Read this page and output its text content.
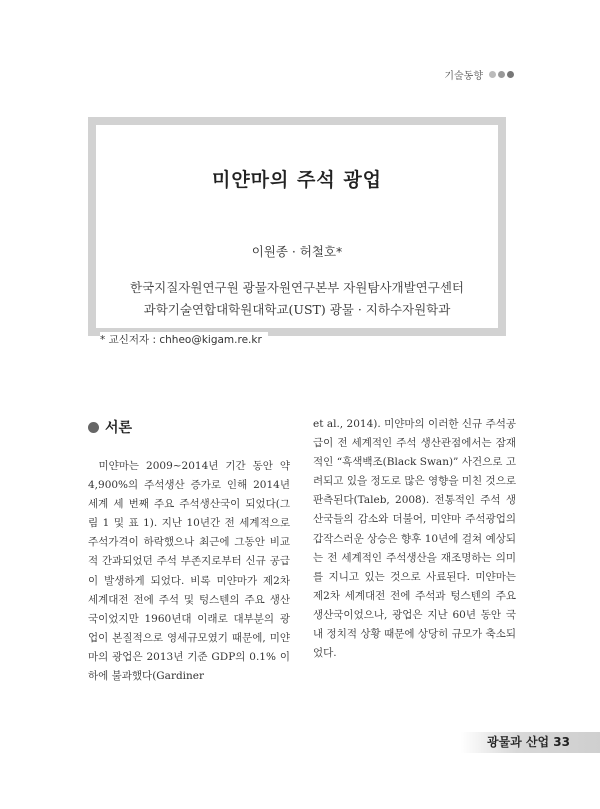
기술동향
미얀마의 주석 광업
이원종 · 허철호*
한국지질자원연구원 광물자원연구본부 자원탐사개발연구센터
과학기술연합대학원대학교(UST) 광물 · 지하수자원학과
* 교신저자 : chheo@kigam.re.kr
서론

미얀마는 2009~2014년 기간 동안 약 4,900%의 주석생산 증가로 인해 2014년 세계 세 번째 주요 주석생산국이 되었다(그림 1 및 표 1). 지난 10년간 전 세계적으로 주석가격이 하락했으나 최근에 그동안 비교적 간과되었던 주석 부존지로부터 신규 공급이 발생하게 되었다. 비록 미얀마가 제2차 세계대전 전에 주석 및 텅스텐의 주요 생산국이었지만 1960년대 이래로 대부분의 광업이 본질적으로 영세규모였기 때문에, 미얀마의 광업은 2013년 기준 GDP의 0.1% 이하에 불과했다(Gardiner

et al., 2014). 미얀마의 이러한 신규 주석공급이 전 세계적인 주석 생산관점에서는 잠재적인 “흑색백조(Black Swan)” 사건으로 고려되고 있을 정도로 많은 영향을 미친 것으로 판측된다(Taleb, 2008). 전통적인 주석 생산국들의 감소와 더불어, 미얀마 주석광업의 갑작스러운 상승은 향후 10년에 걸쳐 예상되는 전 세계적인 주석생산을 재조명하는 의미를 지니고 있는 것으로 사료된다. 미얀마는 제2차 세계대전 전에 주석과 텅스텐의 주요 생산국이었으나, 광업은 지난 60년 동안 국내 정치적 상황 때문에 상당히 규모가 축소되었다.

광물과 산업 33
